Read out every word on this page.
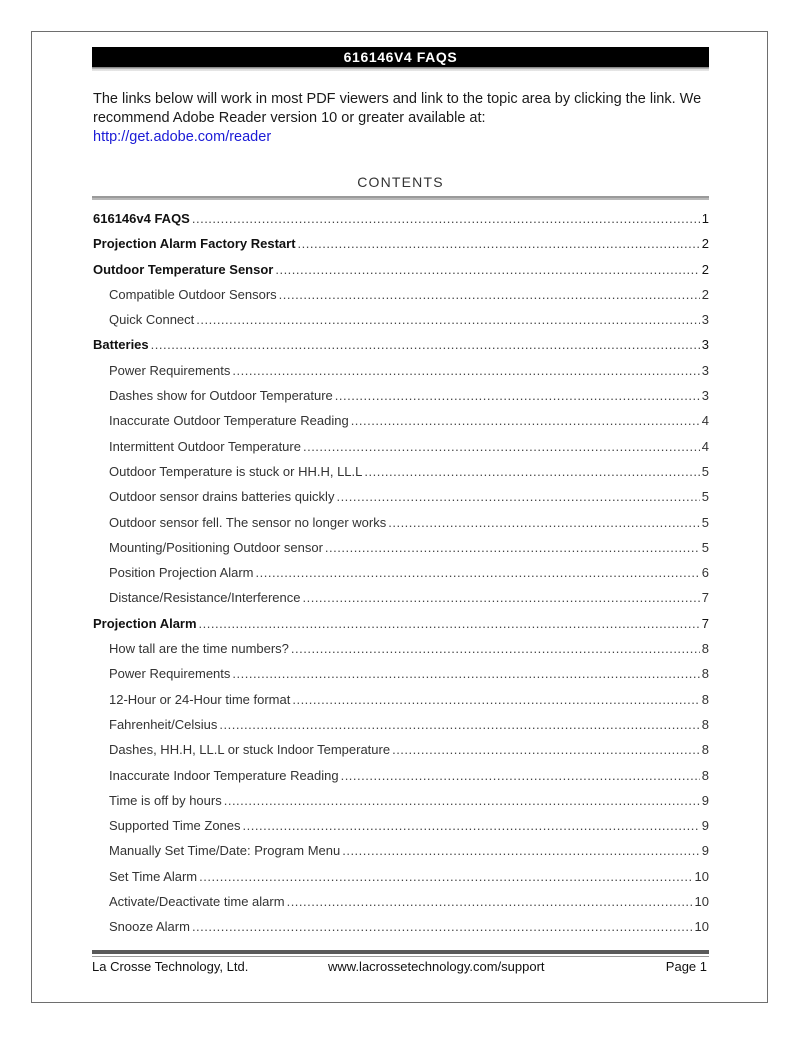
616146V4 FAQS
The links below will work in most PDF viewers and link to the topic area by clicking the link. We recommend Adobe Reader version 10 or greater available at:
http://get.adobe.com/reader
CONTENTS
616146v4 FAQS .....	1
Projection Alarm Factory Restart .....	2
Outdoor Temperature Sensor .....	2
Compatible Outdoor Sensors .....	2
Quick Connect .....	3
Batteries .....	3
Power Requirements .....	3
Dashes show for Outdoor Temperature .....	3
Inaccurate Outdoor Temperature Reading .....	4
Intermittent Outdoor Temperature .....	4
Outdoor Temperature is stuck or HH.H, LL.L .....	5
Outdoor sensor drains batteries quickly .....	5
Outdoor sensor fell. The sensor no longer works .....	5
Mounting/Positioning Outdoor sensor .....	5
Position Projection Alarm .....	6
Distance/Resistance/Interference .....	7
Projection Alarm .....	7
How tall are the time numbers? .....	8
Power Requirements .....	8
12-Hour or 24-Hour time format .....	8
Fahrenheit/Celsius .....	8
Dashes, HH.H, LL.L or stuck Indoor Temperature .....	8
Inaccurate Indoor Temperature Reading .....	8
Time is off by hours .....	9
Supported Time Zones .....	9
Manually Set Time/Date: Program Menu .....	9
Set Time Alarm .....	10
Activate/Deactivate time alarm .....	10
Snooze Alarm .....	10
La Crosse Technology, Ltd.	www.lacrossetechnology.com/support	Page 1
